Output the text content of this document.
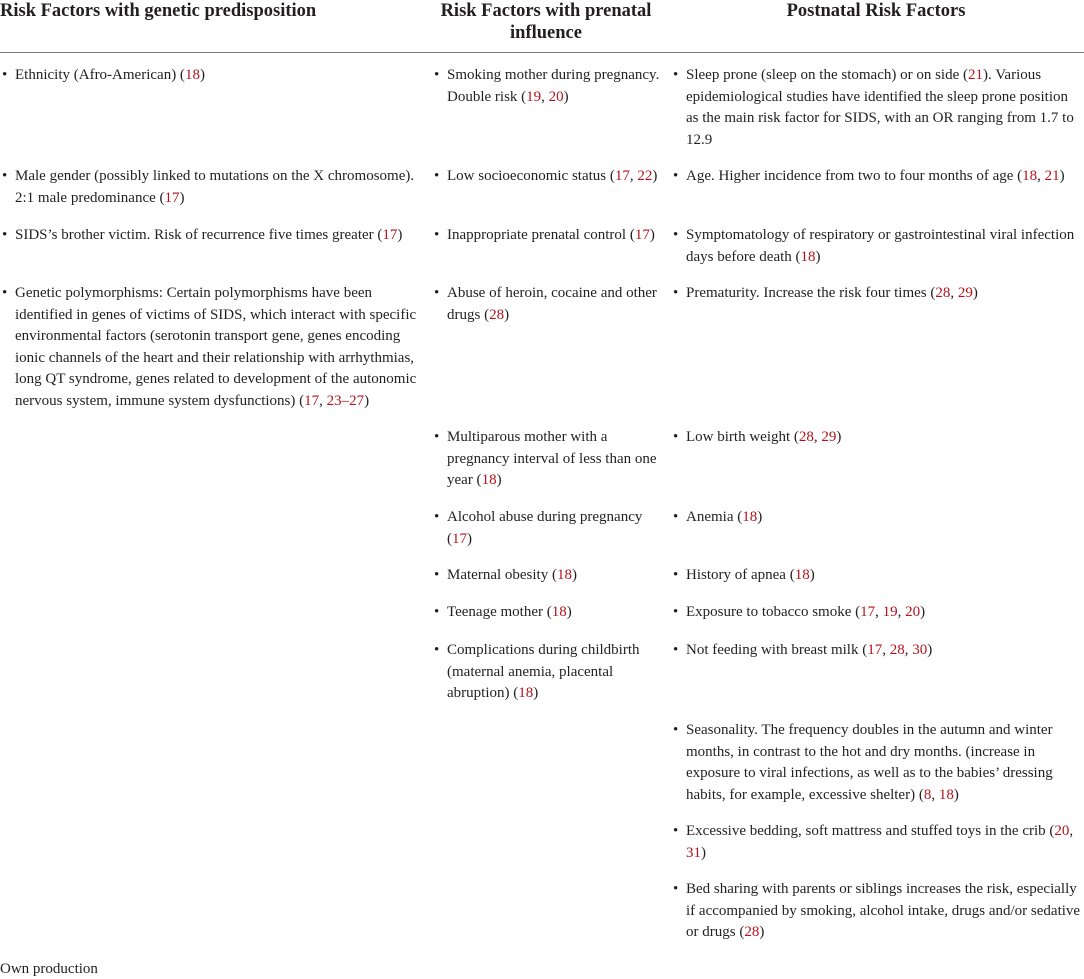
Risk Factors with genetic predisposition	Risk Factors with prenatal influence
Postnatal Risk Factors
• Ethnicity (Afro-American) (18)
• Male gender (possibly linked to mutations on the X chromosome). 2:1 male predominance (17)
• SIDS’s brother victim. Risk of recurrence five times greater (17)
• Genetic polymorphisms: Certain polymorphisms have been identified in genes of victims of SIDS, which interact with specific environmental factors (serotonin transport gene, genes encoding ionic channels of the heart and their relationship with arrhythmias, long QT syndrome, genes related to development of the autonomic nervous system, immune system dysfunctions) (17, 23–27)
• Smoking mother during pregnancy. Double risk (19, 20)
• Low socioeconomic status (17, 22)
• Inappropriate prenatal control (17)
• Abuse of heroin, cocaine and other drugs (28)
• Multiparous mother with a pregnancy interval of less than one year (18)
• Alcohol abuse during pregnancy (17)
• Maternal obesity (18)
• Teenage mother (18)
• Complications during childbirth (maternal anemia, placental abruption) (18)
• Sleep prone (sleep on the stomach) or on side (21). Various epidemiological studies have identified the sleep prone position as the main risk factor for SIDS, with an OR ranging from 1.7 to 12.9
• Age. Higher incidence from two to four months of age (18, 21)
• Symptomatology of respiratory or gastrointestinal viral infection days before death (18)
• Prematurity. Increase the risk four times (28, 29)
• Low birth weight (28, 29)
• Anemia (18)
• History of apnea (18)
• Exposure to tobacco smoke (17, 19, 20)
• Not feeding with breast milk (17, 28, 30)
• Seasonality. The frequency doubles in the autumn and winter months, in contrast to the hot and dry months. (increase in exposure to viral infections, as well as to the babies’ dressing habits, for example, excessive shelter) (8, 18)
• Excessive bedding, soft mattress and stuffed toys in the crib (20, 31)
• Bed sharing with parents or siblings increases the risk, especially if accompanied by smoking, alcohol intake, drugs and/or sedative or drugs (28)
Own production
